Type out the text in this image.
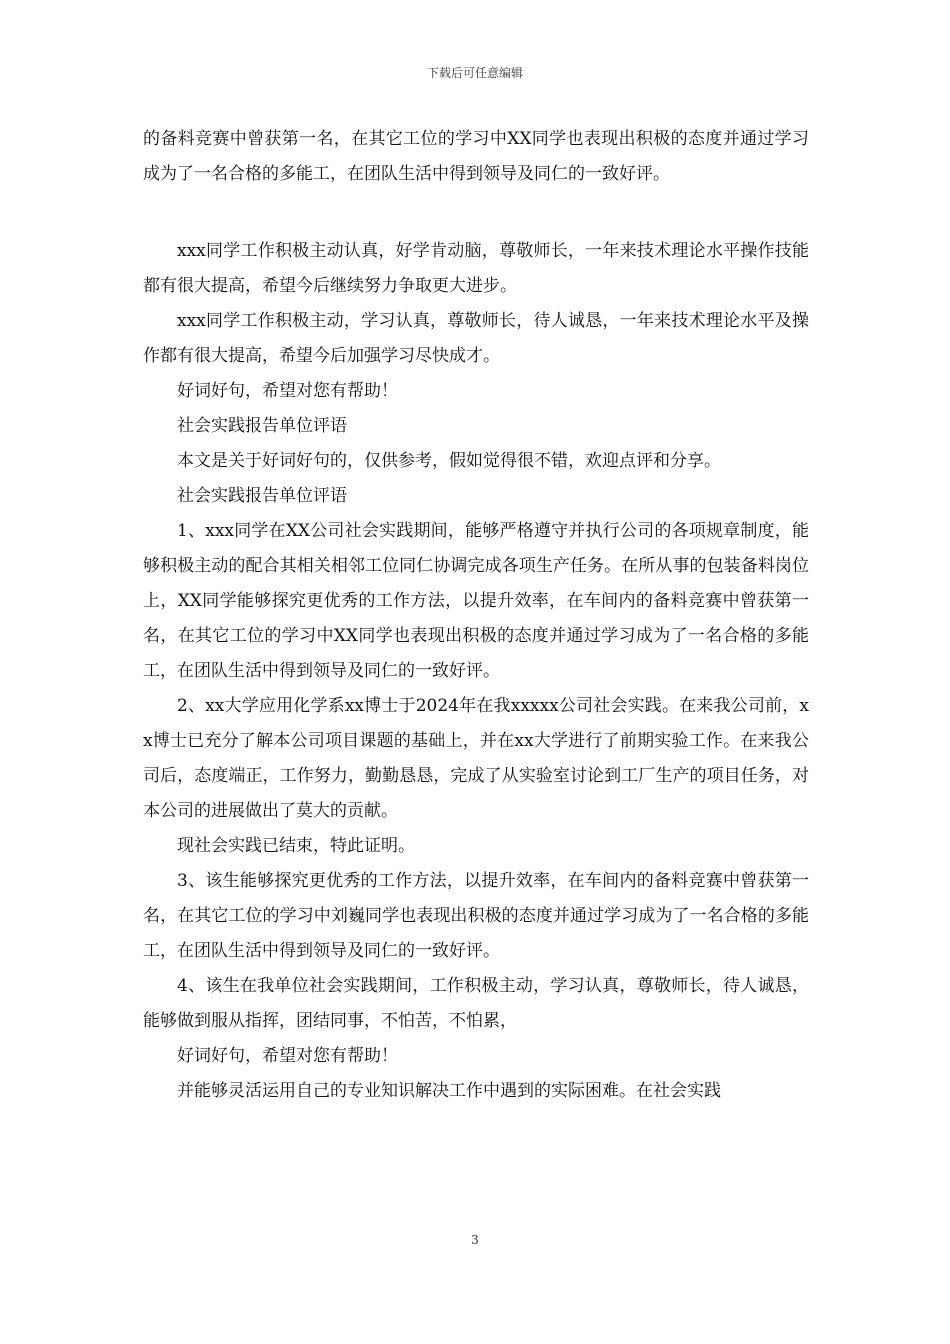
下载后可任意编辑

的备料竞赛中曾获第一名，在其它工位的学习中XX同学也表现出积极的态度并通过学习成为了一名合格的多能工，在团队生活中得到领导及同仁的一致好评。

xxx同学工作积极主动认真，好学肯动脑，尊敬师长，一年来技术理论水平操作技能都有很大提高，希望今后继续努力争取更大进步。

xxx同学工作积极主动，学习认真，尊敬师长，待人诚恳，一年来技术理论水平及操作都有很大提高，希望今后加强学习尽快成才。

好词好句，希望对您有帮助！

社会实践报告单位评语

本文是关于好词好句的，仅供参考，假如觉得很不错，欢迎点评和分享。

社会实践报告单位评语

1、xxx同学在XX公司社会实践期间，能够严格遵守并执行公司的各项规章制度，能够积极主动的配合其相关相邻工位同仁协调完成各项生产任务。在所从事的包装备料岗位上，XX同学能够探究更优秀的工作方法，以提升效率，在车间内的备料竞赛中曾获第一名，在其它工位的学习中XX同学也表现出积极的态度并通过学习成为了一名合格的多能工，在团队生活中得到领导及同仁的一致好评。

2、xx大学应用化学系xx博士于2024年在我xxxxx公司社会实践。在来我公司前，xx博士已充分了解本公司项目课题的基础上，并在xx大学进行了前期实验工作。在来我公司后，态度端正，工作努力，勤勤恳恳，完成了从实验室讨论到工厂生产的项目任务，对本公司的进展做出了莫大的贡献。

现社会实践已结束，特此证明。

3、该生能够探究更优秀的工作方法，以提升效率，在车间内的备料竞赛中曾获第一名，在其它工位的学习中刘巍同学也表现出积极的态度并通过学习成为了一名合格的多能工，在团队生活中得到领导及同仁的一致好评。

4、该生在我单位社会实践期间，工作积极主动，学习认真，尊敬师长，待人诚恳，能够做到服从指挥，团结同事，不怕苦，不怕累，

好词好句，希望对您有帮助！

并能够灵活运用自己的专业知识解决工作中遇到的实际困难。在社会实践

3
